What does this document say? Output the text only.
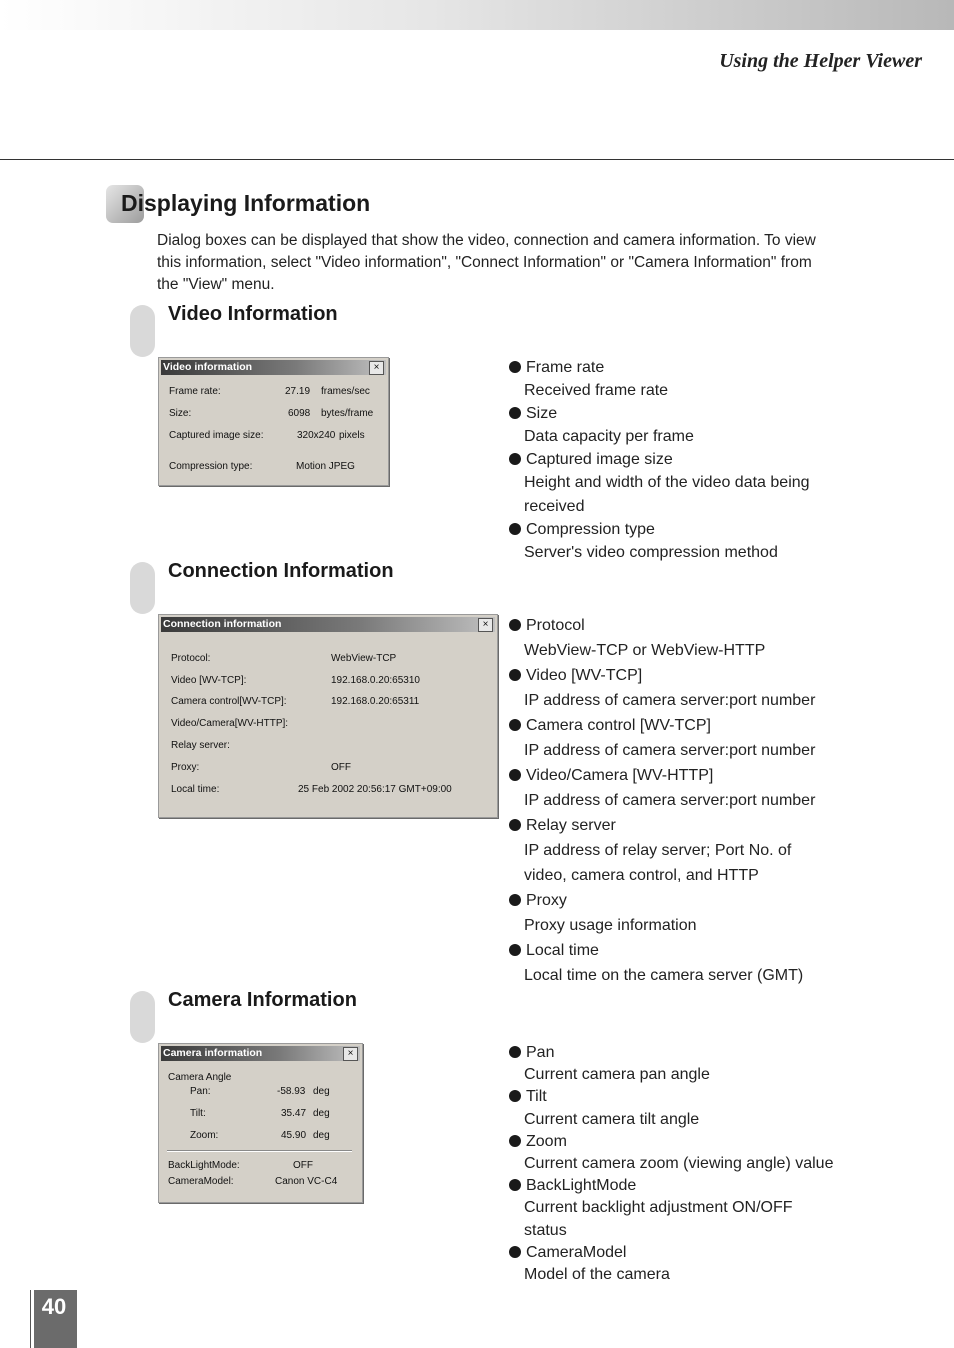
Using the Helper Viewer
Displaying Information
Dialog boxes can be displayed that show the video, connection and camera information. To view
this information, select "Video information", "Connect Information" or "Camera Information" from
the "View" menu.
Video Information
Video information	×
Frame rate:	27.19 frames/sec
Size:	6098 bytes/frame
Captured image size:	320x240 pixels
Compression type:	Motion JPEG
Frame rate
Received frame rate
Size
Data capacity per frame
Captured image size
Height and width of the video data being
received
Compression type
Server's video compression method
Connection Information
Connection information	×
Protocol:	WebView-TCP
Video [WV-TCP]:	192.168.0.20:65310
Camera control[WV-TCP]:	192.168.0.20:65311
Video/Camera[WV-HTTP]:
Relay server:
Proxy:	OFF
Local time:	25 Feb 2002 20:56:17 GMT+09:00
Protocol
WebView-TCP or WebView-HTTP
Video [WV-TCP]
IP address of camera server:port number
Camera control [WV-TCP]
IP address of camera server:port number
Video/Camera [WV-HTTP]
IP address of camera server:port number
Relay server
IP address of relay server; Port No. of
video, camera control, and HTTP
Proxy
Proxy usage information
Local time
Local time on the camera server (GMT)
Camera Information
Camera information	×
Camera Angle
Pan:	-58.93 deg
Tilt:	35.47 deg
Zoom:	45.90 deg
BackLightMode:	OFF
CameraModel:	Canon VC-C4
Pan
Current camera pan angle
Tilt
Current camera tilt angle
Zoom
Current camera zoom (viewing angle) value
BackLightMode
Current backlight adjustment ON/OFF
status
CameraModel
Model of the camera
40
